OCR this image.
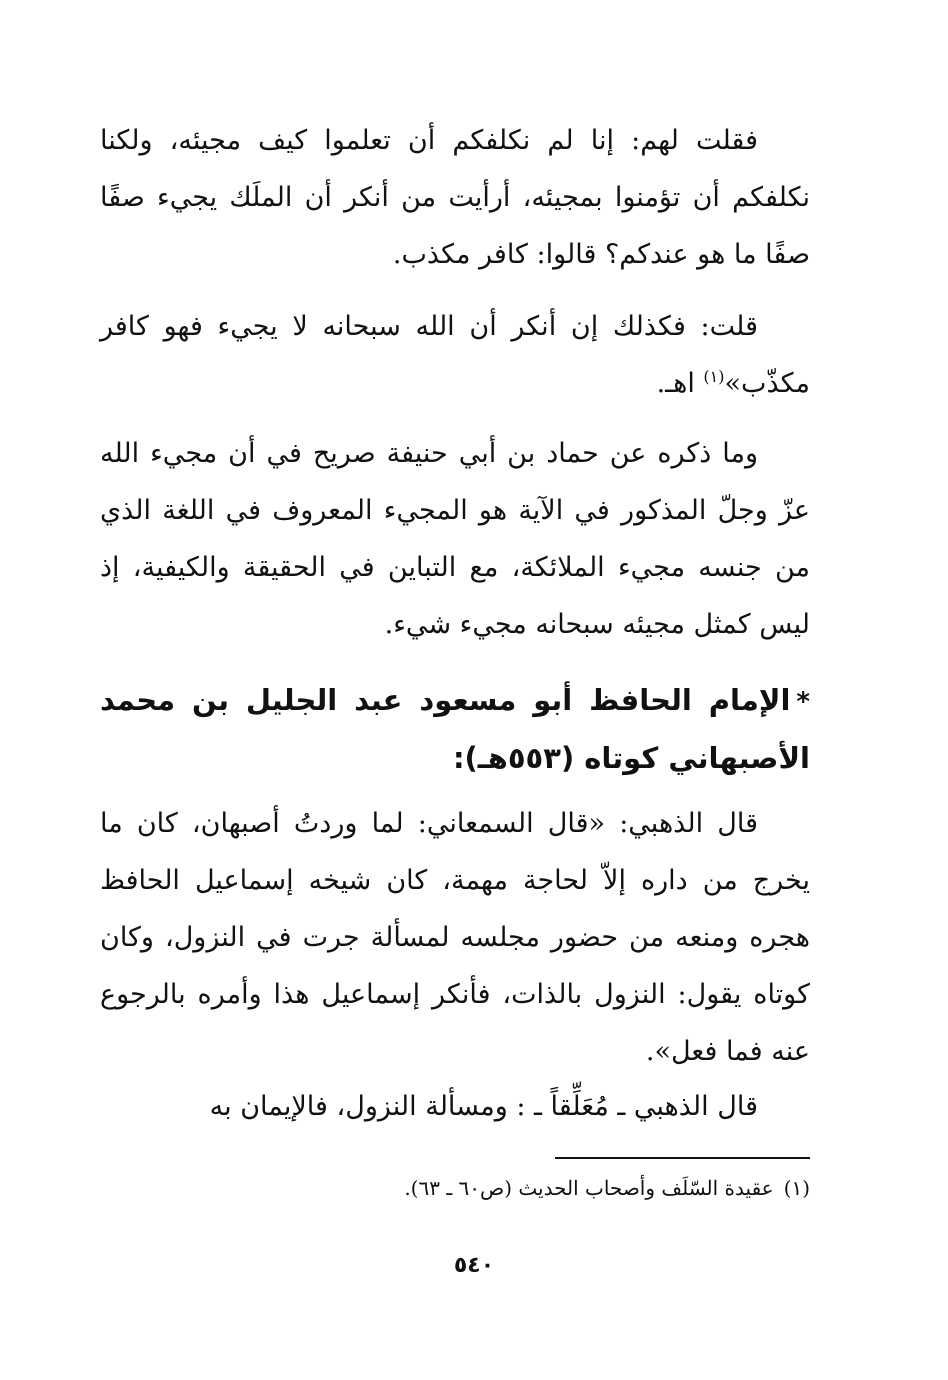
فقلت لهم: إنا لم نكلفكم أن تعلموا كيف مجيئه، ولكنا نكلفكم أن تؤمنوا بمجيئه، أرأيت من أنكر أن الملَك يجيء صفًا صفًا ما هو عندكم؟ قالوا: كافر مكذب.

قلت: فكذلك إن أنكر أن الله سبحانه لا يجيء فهو كافر مكذّب»$^{(١)}$ اهـ.

وما ذكره عن حماد بن أبي حنيفة صريح في أن مجيء الله عزّ وجلّ المذكور في الآية هو المجيء المعروف في اللغة الذي من جنسه مجيء الملائكة، مع التباين في الحقيقة والكيفية، إذ ليس كمثل مجيئه سبحانه مجيء شيء.

*الإمام الحافظ أبو مسعود عبد الجليل بن محمد الأصبهاني كوتاه (٥٥٣هـ):

قال الذهبي: «قال السمعاني: لما وردتُ أصبهان، كان ما يخرج من داره إلاّ لحاجة مهمة، كان شيخه إسماعيل الحافظ هجره ومنعه من حضور مجلسه لمسألة جرت في النزول، وكان كوتاه يقول: النزول بالذات، فأنكر إسماعيل هذا وأمره بالرجوع عنه فما فعل».

قال الذهبي ـ مُعَلِّقاً ـ : ومسألة النزول، فالإيمان به

(١)عقيدة السّلَف وأصحاب الحديث (ص٦٠ ـ ٦٣).
٥٤٠
